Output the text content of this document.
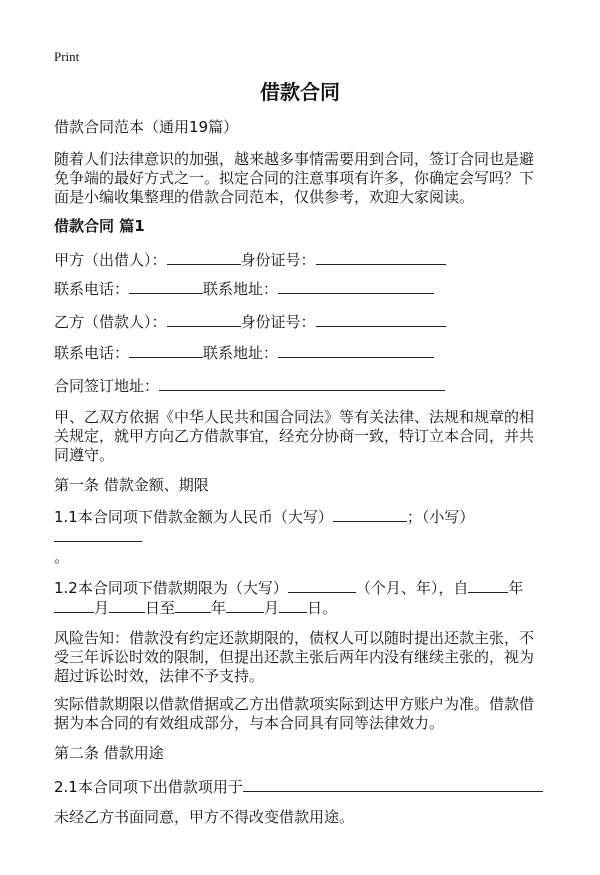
Print
借款合同
借款合同范本（通用19篇）
随着人们法律意识的加强，越来越多事情需要用到合同，签订合同也是避免争端的最好方式之一。拟定合同的注意事项有许多，你确定会写吗？下面是小编收集整理的借款合同范本，仅供参考，欢迎大家阅读。
借款合同 篇1
甲方（出借人）：	身份证号：
联系电话：	联系地址：
乙方（借款人）：	身份证号：
联系电话：	联系地址：
合同签订地址：
甲、乙双方依据《中华人民共和国合同法》等有关法律、法规和规章的相关规定，就甲方向乙方借款事宜，经充分协商一致，特订立本合同，并共同遵守。
第一条 借款金额、期限
1.1本合同项下借款金额为人民币（大写）	；（小写）
。
1.2本合同项下借款期限为（大写）	（个月、年），自	年月 日至 年	月 日。
风险告知：借款没有约定还款期限的，债权人可以随时提出还款主张，不受三年诉讼时效的限制，但提出还款主张后两年内没有继续主张的，视为超过诉讼时效，法律不予支持。
实际借款期限以借款借据或乙方出借款项实际到达甲方账户为准。借款借据为本合同的有效组成部分，与本合同具有同等法律效力。
第二条 借款用途
2.1本合同项下出借款项用于
未经乙方书面同意，甲方不得改变借款用途。
